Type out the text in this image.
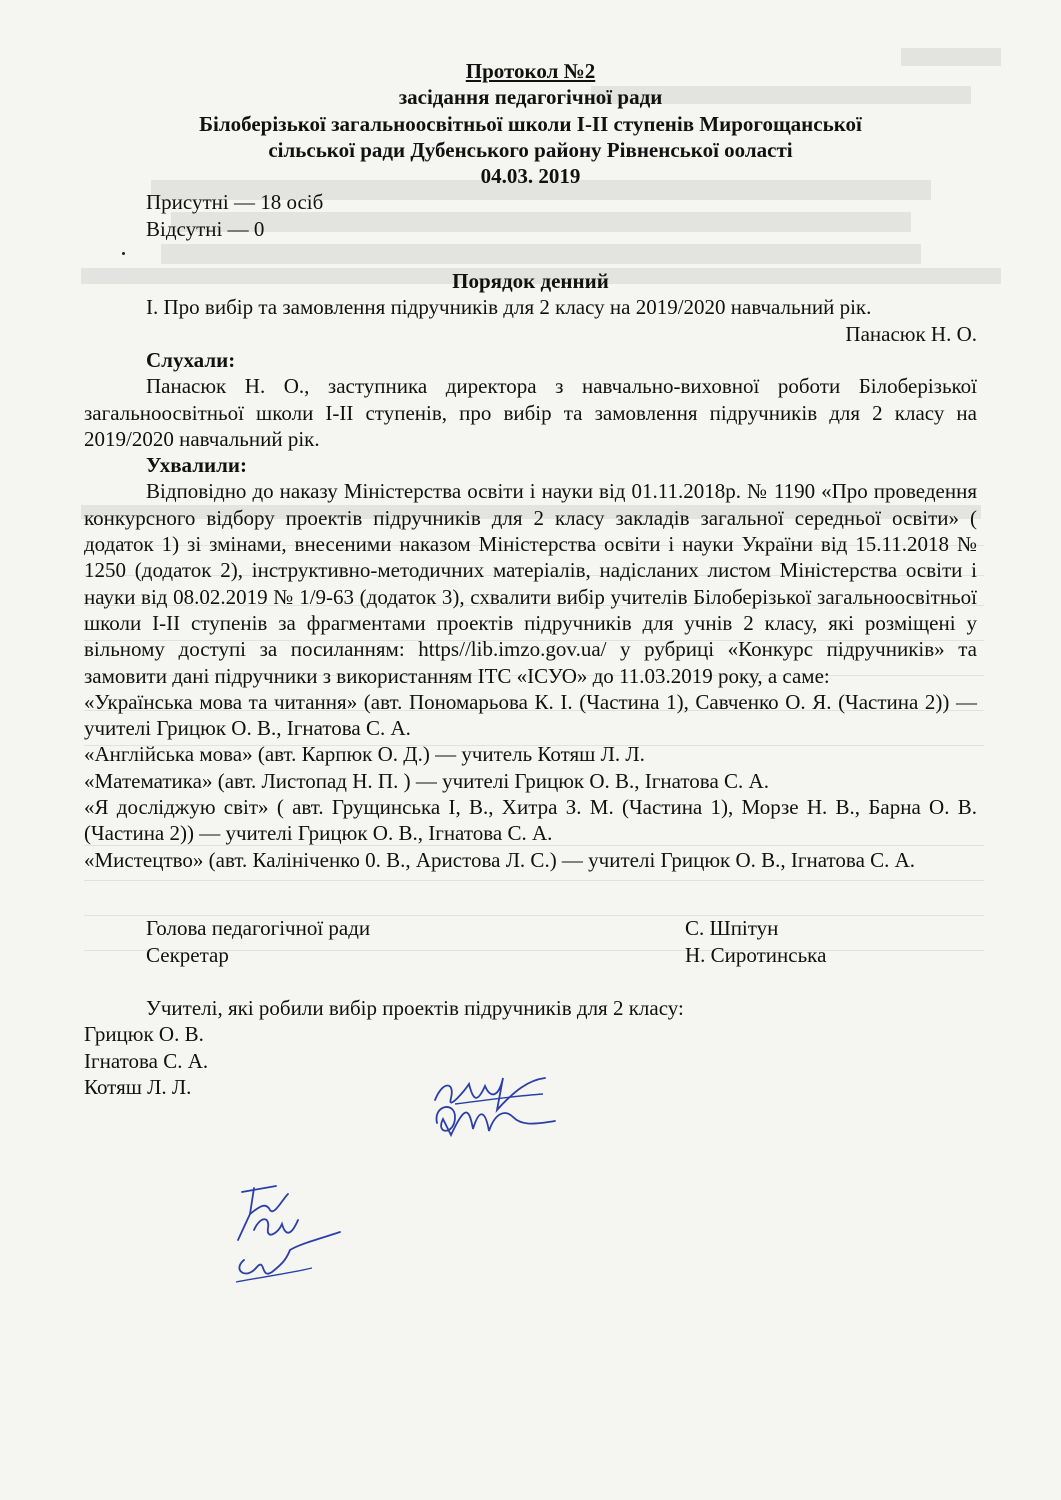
Протокол №2

засідання педагогічної ради

Білоберізької загальноосвітньої школи І-ІІ ступенів Мирогощанської

сільської ради Дубенського району Рівненської ооласті

04.03. 2019

Присутні — 18 осіб

Відсутні — 0

Порядок денний

І. Про вибір та замовлення підручників для 2 класу на 2019/2020 навчальний рік.

Панасюк Н. О.

Слухали:

Панасюк Н. О., заступника директора з навчально-виховної роботи Білоберізької загальноосвітньої школи І-ІІ ступенів, про вибір та замовлення підручників для 2 класу на 2019/2020 навчальний рік.

Ухвалили:

Відповідно до наказу Міністерства освіти і науки від 01.11.2018р. № 1190 «Про проведення конкурсного відбору проектів підручників для 2 класу закладів загальної середньої освіти» ( додаток 1) зі змінами, внесеними наказом Міністерства освіти і науки України від 15.11.2018 № 1250 (додаток 2), інструктивно-методичних матеріалів, надісланих листом Міністерства освіти і науки від 08.02.2019 № 1/9-63 (додаток 3), схвалити вибір учителів Білоберізької загальноосвітньої школи І-ІІ ступенів за фрагментами проектів підручників для учнів 2 класу, які розміщені у вільному доступі за посиланням: https//lib.imzo.gov.ua/ у рубриці «Конкурс підручників» та замовити дані підручники з використанням ІТС «ІСУО» до 11.03.2019 року, а саме:

«Українська мова та читання» (авт. Пономарьова К. І. (Частина 1), Савченко О. Я. (Частина 2)) — учителі Грицюк О. В., Ігнатова С. А.

«Англійська мова» (авт. Карпюк О. Д.) — учитель Котяш Л. Л.

«Математика» (авт. Листопад Н. П. ) — учителі Грицюк О. В., Ігнатова С. А.

«Я досліджую світ» ( авт. Грущинська І, В., Хитра З. М. (Частина 1), Морзе Н. В., Барна О. В. (Частина 2)) — учителі Грицюк О. В., Ігнатова С. А.

«Мистецтво» (авт. Калініченко 0. В., Аристова Л. С.) — учителі Грицюк О. В., Ігнатова С. А.

Голова педагогічної ради	С. Шпітун
Секретар	Н. Сиротинська

Учителі, які робили вибір проектів підручників для 2 класу:

Грицюк О. В.

Ігнатова С. А.

Котяш Л. Л.
